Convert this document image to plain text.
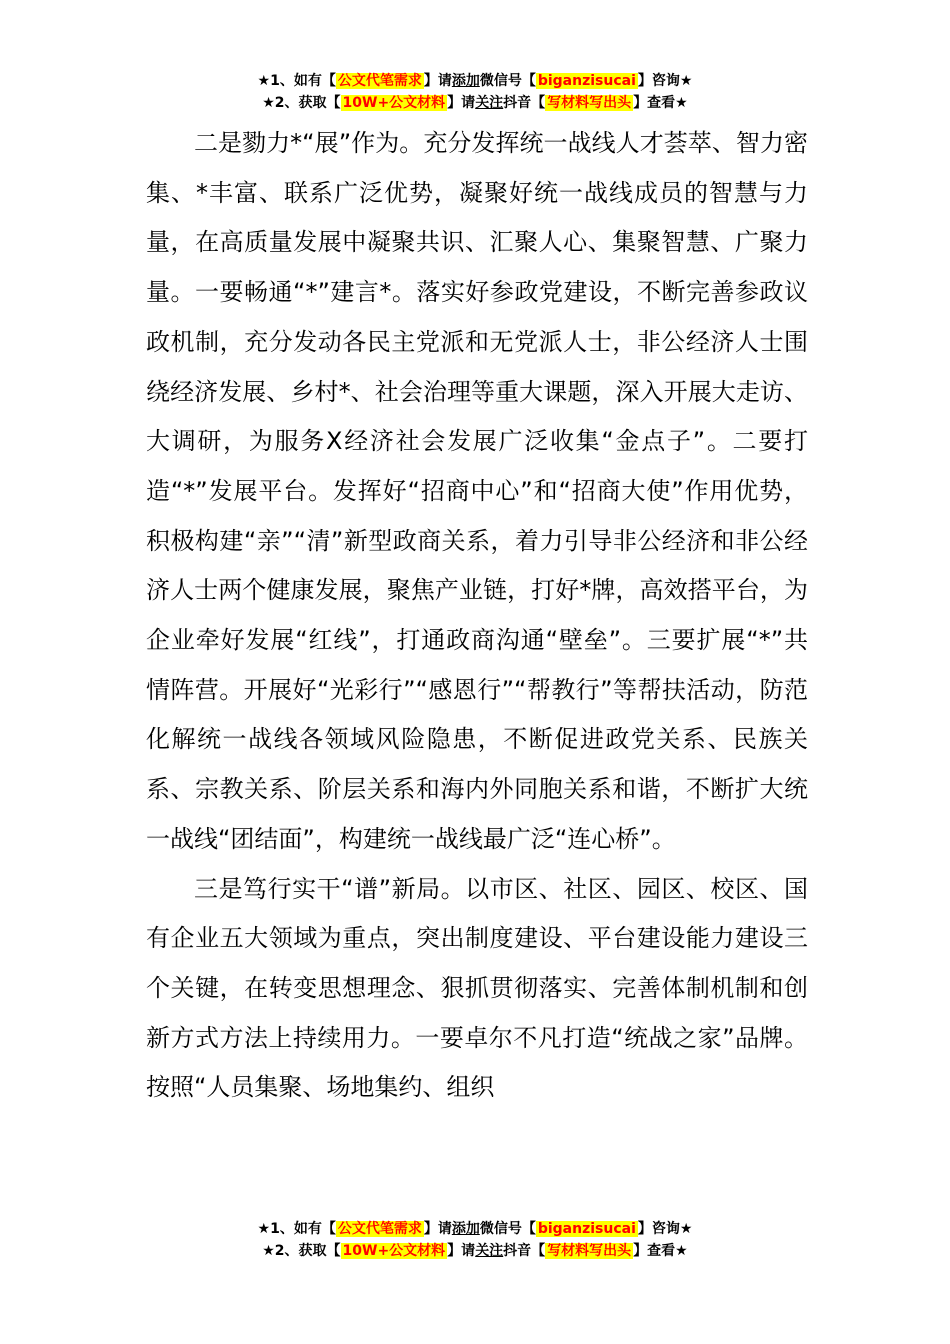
★1、如有【 公文代笔需求 】请添加微信号【 biganzisucai 】咨询★
★2、获取【 10W+公文材料 】请关注抖音【 写材料写出头 】查看★

二是勠力*“展”作为。充分发挥统一战线人才荟萃、智力密集、*丰富、联系广泛优势，凝聚好统一战线成员的智慧与力量，在高质量发展中凝聚共识、汇聚人心、集聚智慧、广聚力量。一要畅通“*”建言*。落实好参政党建设，不断完善参政议政机制，充分发动各民主党派和无党派人士，非公经济人士围绕经济发展、乡村*、社会治理等重大课题，深入开展大走访、大调研，为服务X经济社会发展广泛收集“金点子”。二要打造“*”发展平台。发挥好“招商中心”和“招商大使”作用优势，积极构建“亲”“清”新型政商关系，着力引导非公经济和非公经济人士两个健康发展，聚焦产业链，打好*牌，高效搭平台，为企业牵好发展“红线”，打通政商沟通“壁垒”。三要扩展“*”共情阵营。开展好“光彩行”“感恩行”“帮教行”等帮扶活动，防范化解统一战线各领域风险隐患，不断促进政党关系、民族关系、宗教关系、阶层关系和海内外同胞关系和谐，不断扩大统一战线“团结面”，构建统一战线最广泛“连心桥”。

三是笃行实干“谱”新局。以市区、社区、园区、校区、国有企业五大领域为重点，突出制度建设、平台建设能力建设三个关键，在转变思想理念、狠抓贯彻落实、完善体制机制和创新方式方法上持续用力。一要卓尔不凡打造“统战之家”品牌。按照“人员集聚、场地集约、组织

★1、如有【 公文代笔需求 】请添加微信号【 biganzisucai 】咨询★
★2、获取【 10W+公文材料 】请关注抖音【 写材料写出头 】查看★
